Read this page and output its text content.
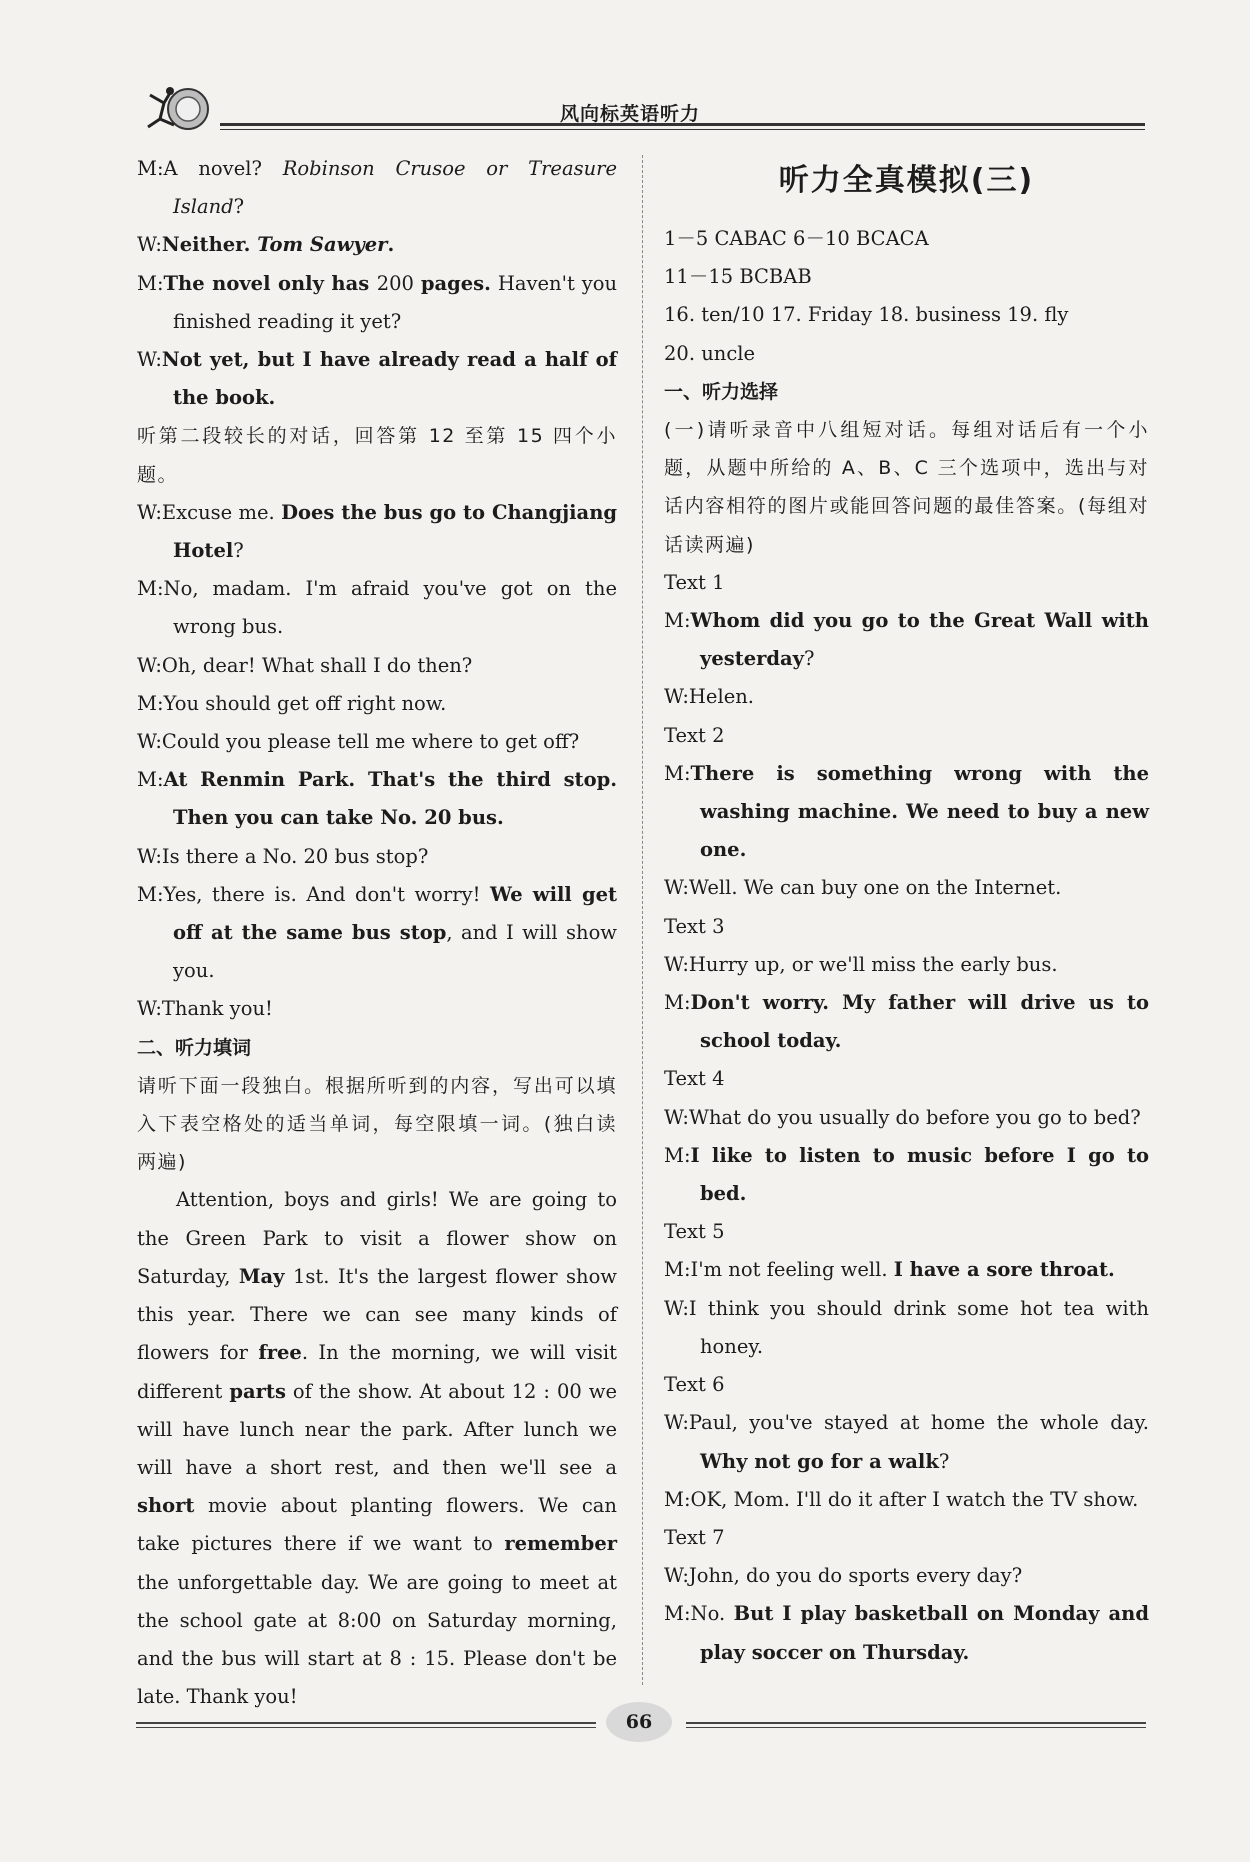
风向标英语听力

M:A novel? Robinson Crusoe or Treasure Island?

W:Neither. Tom Sawyer.

M:The novel only has 200 pages. Haven't you finished reading it yet?

W:Not yet, but I have already read a half of the book.

听第二段较长的对话，回答第 12 至第 15 四个小题。

W:Excuse me. Does the bus go to Changjiang Hotel?

M:No, madam. I'm afraid you've got on the wrong bus.

W:Oh, dear! What shall I do then?

M:You should get off right now.

W:Could you please tell me where to get off?

M:At Renmin Park. That's the third stop. Then you can take No. 20 bus.

W:Is there a No. 20 bus stop?

M:Yes, there is. And don't worry! We will get off at the same bus stop, and I will show you.

W:Thank you!

二、听力填词

请听下面一段独白。根据所听到的内容，写出可以填入下表空格处的适当单词，每空限填一词。(独白读两遍)

Attention, boys and girls! We are going to the Green Park to visit a flower show on Saturday, May 1st. It's the largest flower show this year. There we can see many kinds of flowers for free. In the morning, we will visit different parts of the show. At about 12 : 00 we will have lunch near the park. After lunch we will have a short rest, and then we'll see a short movie about planting flowers. We can take pictures there if we want to remember the unforgettable day. We are going to meet at the school gate at 8:00 on Saturday morning, and the bus will start at 8 : 15. Please don't be late. Thank you!

听力全真模拟(三)

1－5 CABAC 6－10 BCACA

11－15 BCBAB

16. ten/10 17. Friday 18. business 19. fly

20. uncle

一、听力选择

(一)请听录音中八组短对话。每组对话后有一个小题，从题中所给的 A、B、C 三个选项中，选出与对话内容相符的图片或能回答问题的最佳答案。(每组对话读两遍)

Text 1

M:Whom did you go to the Great Wall with yesterday?

W:Helen.

Text 2

M:There is something wrong with the washing machine. We need to buy a new one.

W:Well. We can buy one on the Internet.

Text 3

W:Hurry up, or we'll miss the early bus.

M:Don't worry. My father will drive us to school today.

Text 4

W:What do you usually do before you go to bed?

M:I like to listen to music before I go to bed.

Text 5

M:I'm not feeling well. I have a sore throat.

W:I think you should drink some hot tea with honey.

Text 6

W:Paul, you've stayed at home the whole day. Why not go for a walk?

M:OK, Mom. I'll do it after I watch the TV show.

Text 7

W:John, do you do sports every day?

M:No. But I play basketball on Monday and play soccer on Thursday.

66
